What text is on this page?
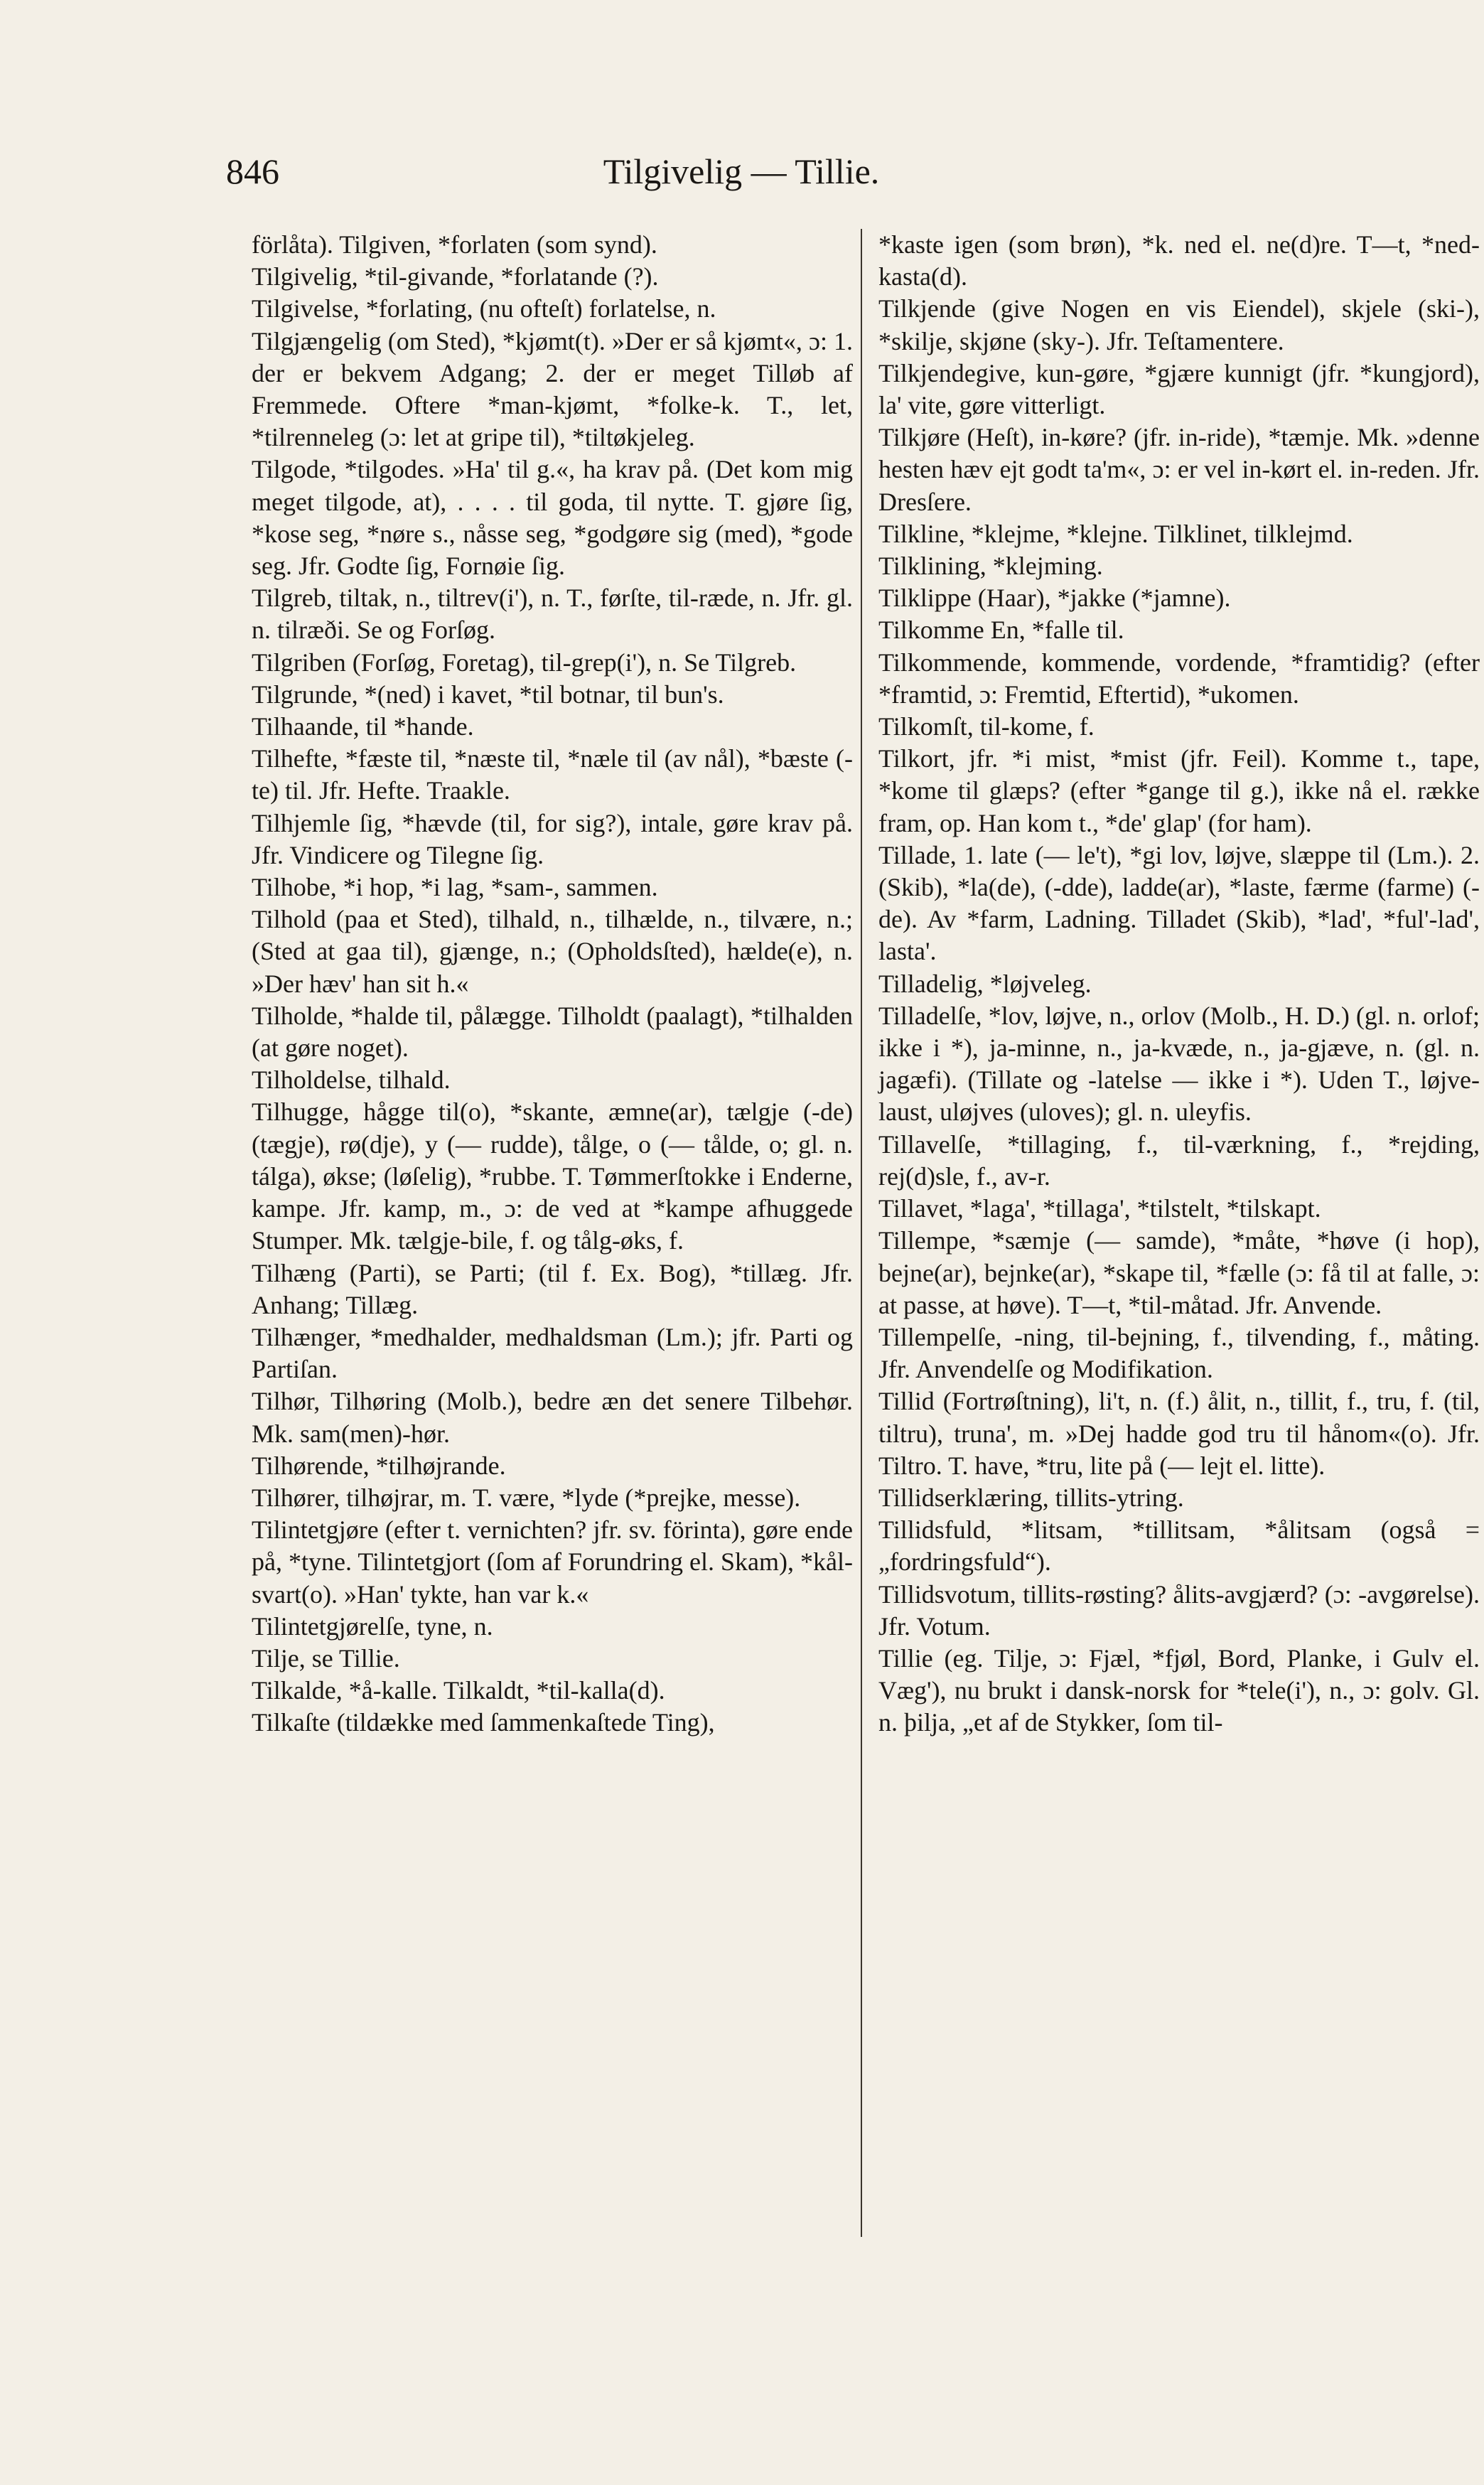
846	Tilgivelig — Tillie.

förlåta). Tilgiven, *forlaten (som synd).

Tilgivelig, *til-givande, *forlatande (?).

Tilgivelse, *forlating, (nu ofteſt) forlatelse, n.

Tilgjængelig (om Sted), *kjømt(t). »Der er så kjømt«, ɔ: 1. der er bekvem Adgang; 2. der er meget Tilløb af Fremmede. Oftere *man-kjømt, *folke-k. T., let, *tilrenneleg (ɔ: let at gripe til), *tiltøkjeleg.

Tilgode, *tilgodes. »Ha' til g.«, ha krav på. (Det kom mig meget tilgode, at), . . . . til goda, til nytte. T. gjøre ſig, *kose seg, *nøre s., nåsse seg, *godgøre sig (med), *gode seg. Jfr. Godte ſig, Fornøie ſig.

Tilgreb, tiltak, n., tiltrev(i'), n. T., førſte, til-ræde, n. Jfr. gl. n. tilræði. Se og Forſøg.

Tilgriben (Forſøg, Foretag), til-grep(i'), n. Se Tilgreb.

Tilgrunde, *(ned) i kavet, *til botnar, til bun's.

Tilhaande, til *hande.

Tilhefte, *fæste til, *næste til, *næle til (av nål), *bæste (-te) til. Jfr. Hefte. Traakle.

Tilhjemle ſig, *hævde (til, for sig?), intale, gøre krav på. Jfr. Vindicere og Tilegne ſig.

Tilhobe, *i hop, *i lag, *sam-, sammen.

Tilhold (paa et Sted), tilhald, n., tilhælde, n., tilvære, n.; (Sted at gaa til), gjænge, n.; (Opholdsſted), hælde(e), n. »Der hæv' han sit h.«

Tilholde, *halde til, pålægge. Tilholdt (paalagt), *tilhalden (at gøre noget).

Tilholdelse, tilhald.

Tilhugge, hågge til(o), *skante, æmne(ar), tælgje (-de) (tægje), rø(dje), y (— rudde), tålge, o (— tålde, o; gl. n. tálga), økse; (løſelig), *rubbe. T. Tømmerſtokke i Enderne, kampe. Jfr. kamp, m., ɔ: de ved at *kampe afhuggede Stumper. Mk. tælgje-bile, f. og tålg-øks, f.

Tilhæng (Parti), se Parti; (til f. Ex. Bog), *tillæg. Jfr. Anhang; Tillæg.

Tilhænger, *medhalder, medhaldsman (Lm.); jfr. Parti og Partiſan.

Tilhør, Tilhøring (Molb.), bedre æn det senere Tilbehør. Mk. sam(men)-hør.

Tilhørende, *tilhøjrande.

Tilhører, tilhøjrar, m. T. være, *lyde (*prejke, messe).

Tilintetgjøre (efter t. vernichten? jfr. sv. förinta), gøre ende på, *tyne. Tilintetgjort (ſom af Forundring el. Skam), *kål-svart(o). »Han' tykte, han var k.«

Tilintetgjørelſe, tyne, n.

Tilje, se Tillie.

Tilkalde, *å-kalle. Tilkaldt, *til-kalla(d).

Tilkaſte (tildække med ſammenkaſtede Ting),

*kaste igen (som brøn), *k. ned el. ne(d)re. T—t, *ned-kasta(d).

Tilkjende (give Nogen en vis Eiendel), skjele (ski-), *skilje, skjøne (sky-). Jfr. Teſtamentere.

Tilkjendegive, kun-gøre, *gjære kunnigt (jfr. *kungjord), la' vite, gøre vitterligt.

Tilkjøre (Heſt), in-køre? (jfr. in-ride), *tæmje. Mk. »denne hesten hæv ejt godt ta'm«, ɔ: er vel in-kørt el. in-reden. Jfr. Dresſere.

Tilkline, *klejme, *klejne. Tilklinet, tilklejmd.

Tilklining, *klejming.

Tilklippe (Haar), *jakke (*jamne).

Tilkomme En, *falle til.

Tilkommende, kommende, vordende, *framtidig? (efter *framtid, ɔ: Fremtid, Eftertid), *ukomen.

Tilkomſt, til-kome, f.

Tilkort, jfr. *i mist, *mist (jfr. Feil). Komme t., tape, *kome til glæps? (efter *gange til g.), ikke nå el. række fram, op. Han kom t., *de' glap' (for ham).

Tillade, 1. late (— le't), *gi lov, løjve, slæppe til (Lm.). 2. (Skib), *la(de), (-dde), ladde(ar), *laste, færme (farme) (-de). Av *farm, Ladning. Tilladet (Skib), *lad', *ful'-lad', lasta'.

Tilladelig, *løjveleg.

Tilladelſe, *lov, løjve, n., orlov (Molb., H. D.) (gl. n. orlof; ikke i *), ja-minne, n., ja-kvæde, n., ja-gjæve, n. (gl. n. jagæfi). (Tillate og -latelse — ikke i *). Uden T., løjve-laust, uløjves (uloves); gl. n. uleyfis.

Tillavelſe, *tillaging, f., til-værkning, f., *rejding, rej(d)sle, f., av-r.

Tillavet, *laga', *tillaga', *tilstelt, *tilskapt.

Tillempe, *sæmje (— samde), *måte, *høve (i hop), bejne(ar), bejnke(ar), *skape til, *fælle (ɔ: få til at falle, ɔ: at passe, at høve). T—t, *til-måtad. Jfr. Anvende.

Tillempelſe, -ning, til-bejning, f., tilvending, f., måting. Jfr. Anvendelſe og Modifikation.

Tillid (Fortrøſtning), li't, n. (f.) ålit, n., tillit, f., tru, f. (til, tiltru), truna', m. »Dej hadde god tru til hånom«(o). Jfr. Tiltro. T. have, *tru, lite på (— lejt el. litte).

Tillidserklæring, tillits-ytring.

Tillidsfuld, *litsam, *tillitsam, *ålitsam (også = „fordringsfuld“).

Tillidsvotum, tillits-røsting? ålits-avgjærd? (ɔ: -avgørelse). Jfr. Votum.

Tillie (eg. Tilje, ɔ: Fjæl, *fjøl, Bord, Planke, i Gulv el. Væg'), nu brukt i dansk-norsk for *tele(i'), n., ɔ: golv. Gl. n. þilja, „et af de Stykker, ſom til-
